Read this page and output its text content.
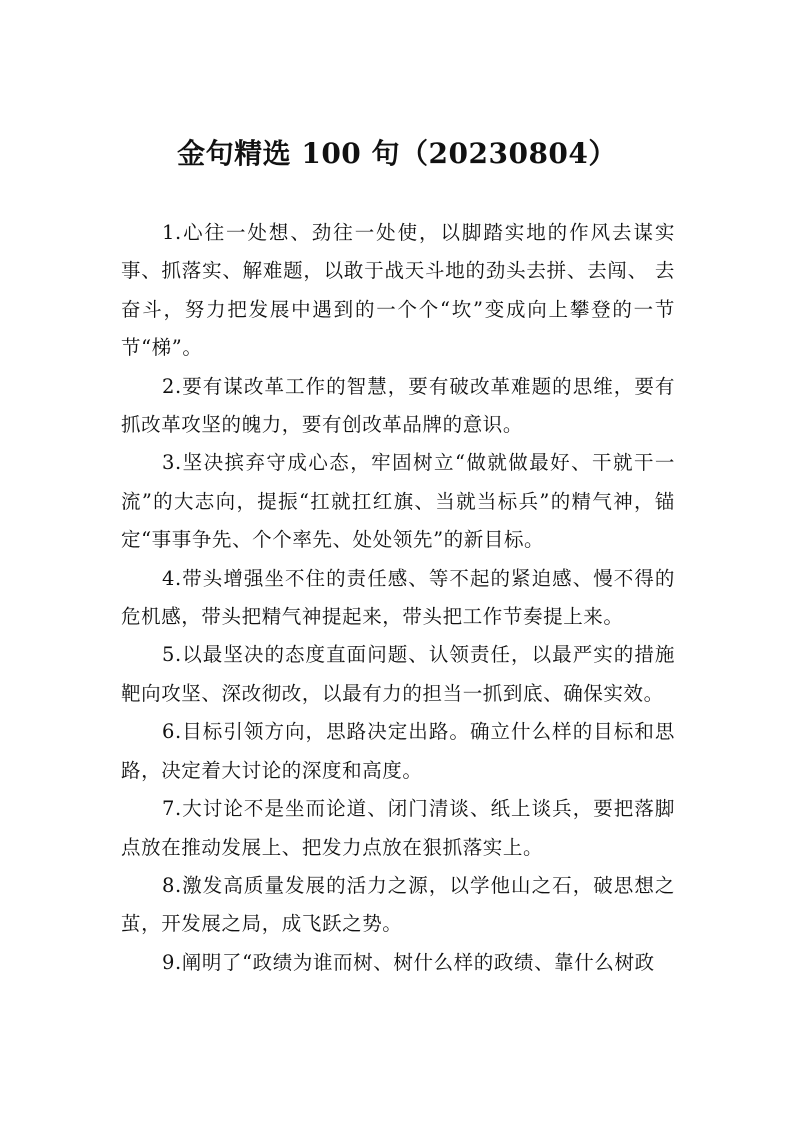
金句精选 100 句（20230804）

1.心往一处想、劲往一处使，以脚踏实地的作风去谋实事、抓落实、解难题，以敢于战天斗地的劲头去拼、去闯、 去奋斗，努力把发展中遇到的一个个“坎”变成向上攀登的一节节“梯”。

2.要有谋改革工作的智慧，要有破改革难题的思维，要有抓改革攻坚的魄力，要有创改革品牌的意识。

3.坚决摈弃守成心态，牢固树立“做就做最好、干就干一流”的大志向，提振“扛就扛红旗、当就当标兵”的精气神，锚定“事事争先、个个率先、处处领先”的新目标。

4.带头增强坐不住的责任感、等不起的紧迫感、慢不得的危机感，带头把精气神提起来，带头把工作节奏提上来。

5.以最坚决的态度直面问题、认领责任，以最严实的措施靶向攻坚、深改彻改，以最有力的担当一抓到底、确保实效。

6.目标引领方向，思路决定出路。确立什么样的目标和思路，决定着大讨论的深度和高度。

7.大讨论不是坐而论道、闭门清谈、纸上谈兵，要把落脚点放在推动发展上、把发力点放在狠抓落实上。

8.激发高质量发展的活力之源，以学他山之石，破思想之茧，开发展之局，成飞跃之势。

9.阐明了“政绩为谁而树、树什么样的政绩、靠什么树政
